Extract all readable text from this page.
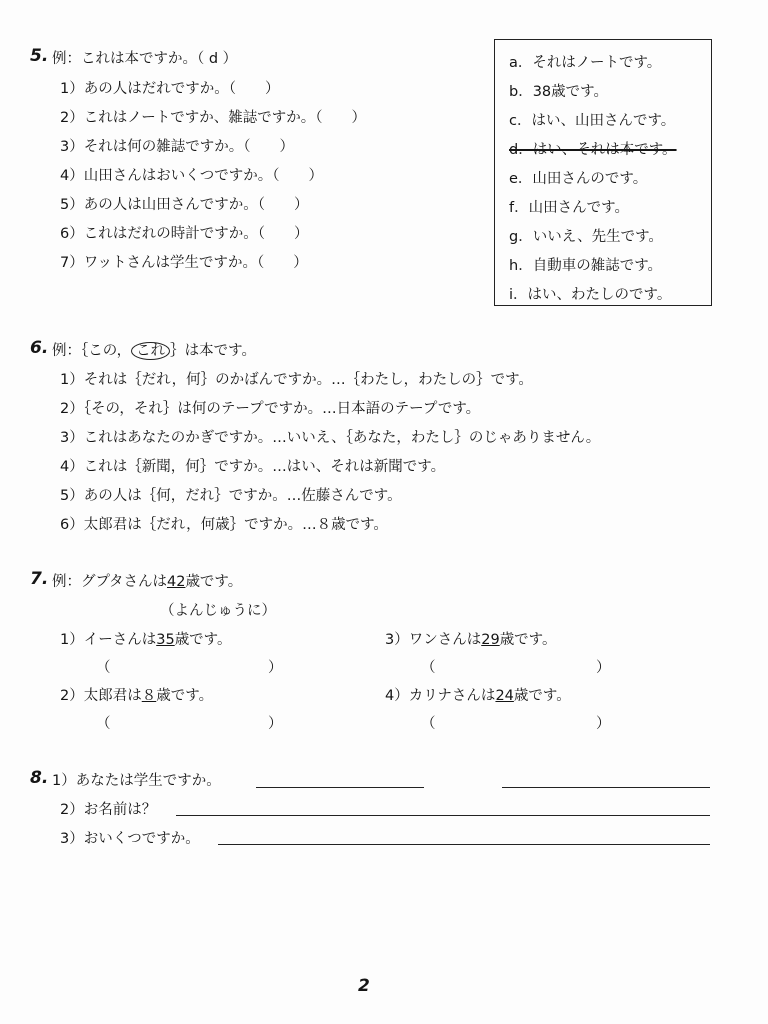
5. 例：これは本ですか。（ d ）
1）あの人はだれですか。（　　）
2）これはノートですか、雑誌ですか。（　　）
3）それは何の雑誌ですか。（　　）
4）山田さんはおいくつですか。（　　）
5）あの人は山田さんですか。（　　）
6）これはだれの時計ですか。（　　）
7）ワットさんは学生ですか。（　　）
a．それはノートです。
b．38歳です。
c．はい、山田さんです。
d．はい、それは本です。
e．山田さんのです。
f．山田さんです。
g．いいえ、先生です。
h．自動車の雑誌です。
i．はい、わたしのです。
6. 例：｛この， これ ｝は本です。
1）それは｛だれ，何｝のかばんですか。…｛わたし，わたしの｝です。
2）｛その，それ｝は何のテープですか。…日本語のテープです。
3）これはあなたのかぎですか。…いいえ、｛あなた，わたし｝のじゃありません。
4）これは｛新聞，何｝ですか。…はい、それは新聞です。
5）あの人は｛何，だれ｝ですか。…佐藤さんです。
6）太郎君は｛だれ，何歳｝ですか。…８歳です。
7. 例：グプタさんは42歳です。
（よんじゅうに）
1）イーさんは35歳です。
（	）
2）太郎君は８歳です。
（	）
3）ワンさんは29歳です。
（	）
4）カリナさんは24歳です。
（	）
8. 1）あなたは学生ですか。
2）お名前は？
3）おいくつですか。
2
